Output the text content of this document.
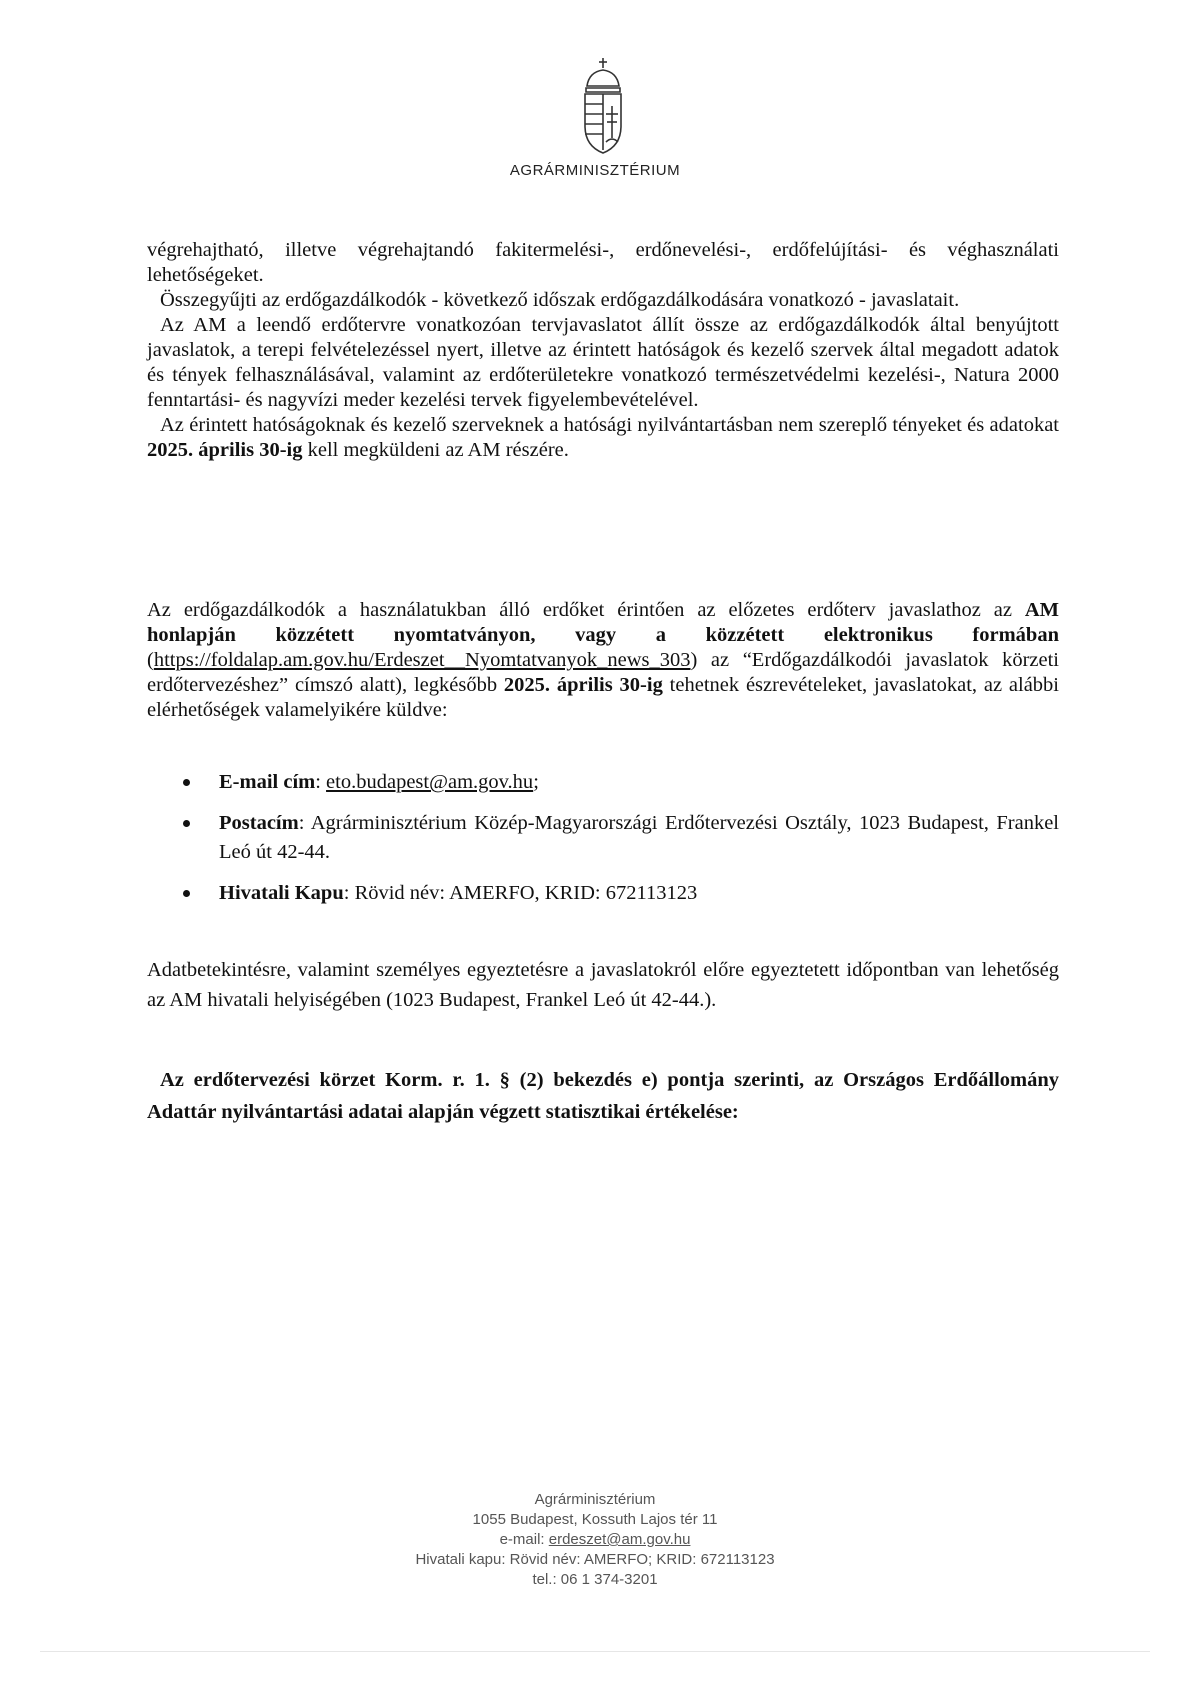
AGRÁRMINISZTÉRIUM

végrehajtható, illetve végrehajtandó fakitermelési-, erdőnevelési-, erdőfelújítási- és véghasználati lehetőségeket.

Összegyűjti az erdőgazdálkodók - következő időszak erdőgazdálkodására vonatkozó - javaslatait.

Az AM a leendő erdőtervre vonatkozóan tervjavaslatot állít össze az erdőgazdálkodók által benyújtott javaslatok, a terepi felvételezéssel nyert, illetve az érintett hatóságok és kezelő szervek által megadott adatok és tények felhasználásával, valamint az erdőterületekre vonatkozó természetvédelmi kezelési-, Natura 2000 fenntartási- és nagyvízi meder kezelési tervek figyelembevételével.

Az érintett hatóságoknak és kezelő szerveknek a hatósági nyilvántartásban nem szereplő tényeket és adatokat 2025. április 30-ig kell megküldeni az AM részére.

Az erdőgazdálkodók a használatukban álló erdőket érintően az előzetes erdőterv javaslathoz az AM honlapján közzétett nyomtatványon, vagy a közzétett elektronikus formában (https://foldalap.am.gov.hu/Erdeszet__Nyomtatvanyok_news_303) az “Erdőgazdálkodói javaslatok körzeti erdőtervezéshez” címszó alatt), legkésőbb 2025. április 30-ig tehetnek észrevételeket, javaslatokat, az alábbi elérhetőségek valamelyikére küldve:

E-mail cím: eto.budapest@am.gov.hu;
Postacím: Agrárminisztérium Közép-Magyarországi Erdőtervezési Osztály, 1023 Budapest, Frankel Leó út 42-44.
Hivatali Kapu: Rövid név: AMERFO, KRID: 672113123

Adatbetekintésre, valamint személyes egyeztetésre a javaslatokról előre egyeztetett időpontban van lehetőség az AM hivatali helyiségében (1023 Budapest, Frankel Leó út 42-44.).

Az erdőtervezési körzet Korm. r. 1. § (2) bekezdés e) pontja szerinti, az Országos Erdőállomány Adattár nyilvántartási adatai alapján végzett statisztikai értékelése:

Agrárminisztérium
1055 Budapest, Kossuth Lajos tér 11
e-mail: erdeszet@am.gov.hu
Hivatali kapu: Rövid név: AMERFO; KRID: 672113123
tel.: 06 1 374-3201
